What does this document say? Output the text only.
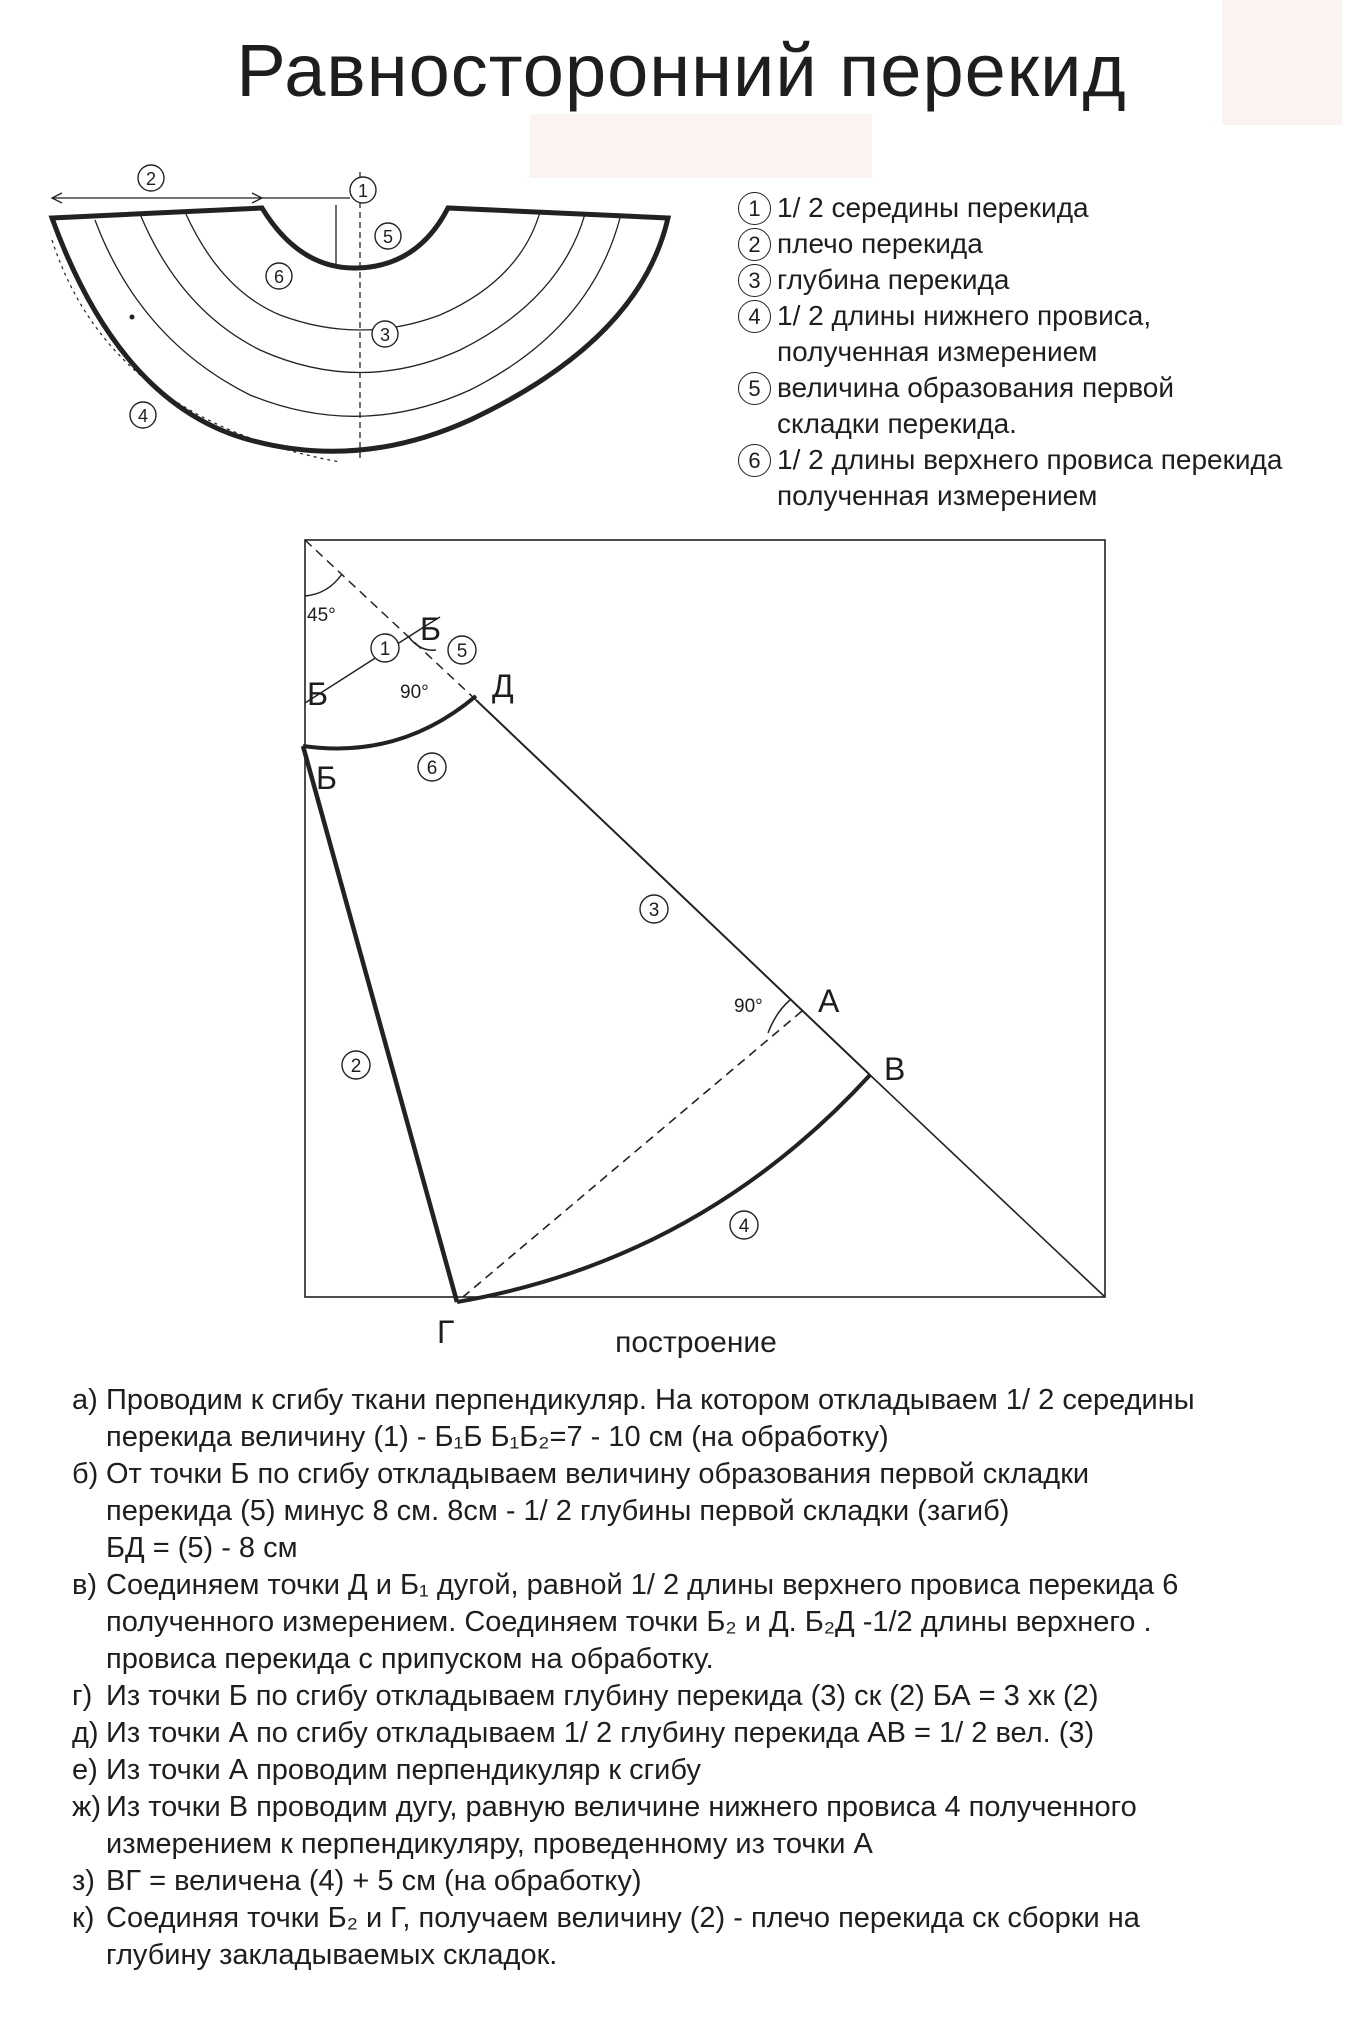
Равносторонний перекид
2
1
5
6
3
4
45°
90°
90°
Б
Б
Б
Д
А
В
Г
1	5
6
3
2
4
1 1/ 2 середины перекида
2 плечо перекида
3 глубина перекида
4 1/ 2 длины нижнего провиса,
полученная измерением
5 величина образования первой
складки перекида.
6 1/ 2 длины верхнего провиса перекида
полученная измерением
построение
а) Проводим к сгибу ткани перпендикуляр. На котором откладываем 1/ 2 середины
перекида величину (1) - Б₁Б Б₁Б₂=7 - 10 см (на обработку)
б) От точки Б по сгибу откладываем величину образования первой складки
перекида (5) минус 8 см. 8см - 1/ 2 глубины первой складки (загиб)
БД = (5) - 8 см
в) Соединяем точки Д и Б₁ дугой, равной 1/ 2 длины верхнего провиса перекида 6
полученного измерением. Соединяем точки Б₂ и Д. Б₂Д -1/2 длины верхнего .
провиса перекида с припуском на обработку.
г) Из точки Б по сгибу откладываем глубину перекида (3) ск (2) БА = 3 хк (2)
д) Из точки А по сгибу откладываем 1/ 2 глубину перекида АВ = 1/ 2 вел. (3)
е) Из точки А проводим перпендикуляр к сгибу
ж) Из точки В проводим дугу, равную величине нижнего провиса 4 полученного
измерением к перпендикуляру, проведенному из точки А
з) ВГ = величена (4) + 5 см (на обработку)
к) Соединяя точки Б₂ и Г, получаем величину (2) - плечо перекида ск сборки на
глубину закладываемых складок.
